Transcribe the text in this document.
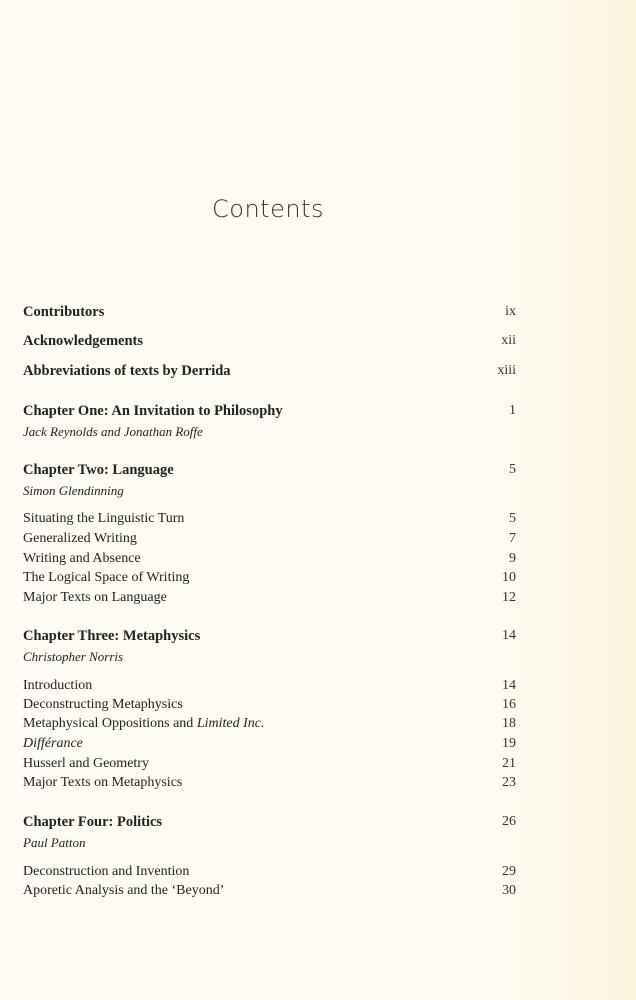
Contents
Contributors	ix
Acknowledgements	xii
Abbreviations of texts by Derrida	xiii
Chapter One: An Invitation to Philosophy	1
Jack Reynolds and Jonathan Roffe
Chapter Two: Language	5
Simon Glendinning
Situating the Linguistic Turn	5
Generalized Writing	7
Writing and Absence	9
The Logical Space of Writing	10
Major Texts on Language	12
Chapter Three: Metaphysics	14
Christopher Norris
Introduction	14
Deconstructing Metaphysics	16
Metaphysical Oppositions and Limited Inc.	18
Différance	19
Husserl and Geometry	21
Major Texts on Metaphysics	23
Chapter Four: Politics	26
Paul Patton
Deconstruction and Invention	29
Aporetic Analysis and the ‘Beyond’	30
